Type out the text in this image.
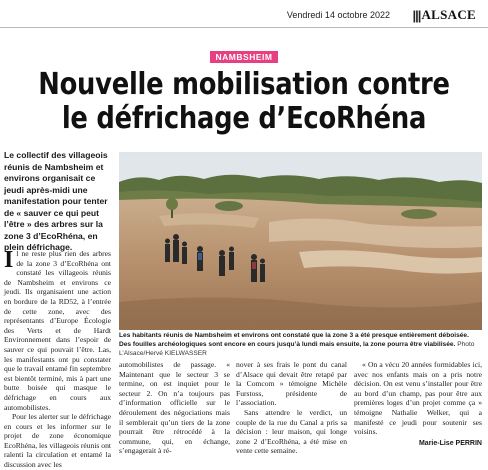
Vendredi 14 octobre 2022 ||| ALSACE
NAMBSHEIM
Nouvelle mobilisation contre
le défrichage d’EcoRhéna
Le collectif des villageois réunis de Nambsheim et environs organisait ce jeudi après-midi une manifestation pour tenter de « sauver ce qui peut l’être » des arbres sur la zone 3 d’EcoRhéna, en plein défrichage.
Les habitants réunis de Nambsheim et environs ont constaté que la zone 3 a été presque entièrement déboisée. Des fouilles archéologiques sont encore en cours jusqu’à lundi mais ensuite, la zone pourra être viabilisée. Photo L’Alsace/Hervé KIELWASSER

Il ne reste plus rien des arbres de la zone 3 d’EcoRhéna ont constaté les villageois réunis de Nambsheim et environs ce jeudi. Ils organisaient une action en bordure de la RD52, à l’entrée de cette zone, avec des représentants d’Europe Écologie des Verts et de Hardt Environnement dans l’espoir de sauver ce qui pouvait l’être. Las, les manifestants ont pu constater que le travail entamé fin septembre est bientôt terminé, mis à part une butte boisée qui masque le défrichage en cours aux automobilistes.

Pour les alerter sur le défrichage en cours et les informer sur le projet de zone économique EcoRhéna, les villageois réunis ont ralenti la circulation et entamé la discussion avec les

automobilistes de passage. « Maintenant que le secteur 3 se termine, on est inquiet pour le secteur 2. On n’a toujours pas d’information officielle sur le déroulement des négociations mais il semblerait qu’un tiers de la zone pourrait être rétrocédé à la commune, qui, en échange, s’engagerait à ré-

nover à ses frais le pont du canal d’Alsace qui devait être retapé par la Comcom » témoigne Michèle Furstoss, présidente de l’association.

Sans attendre le verdict, un couple de la rue du Canal a pris sa décision : leur maison, qui longe zone 2 d’EcoRhéna, a été mise en vente cette semaine.

« On a vécu 20 années formidables ici, avec nos enfants mais on a pris notre décision. On est venu s’installer pour être au bord d’un champ, pas pour être aux premières loges d’un projet comme ça » témoigne Nathalie Welker, qui a manifesté ce jeudi pour soutenir ses voisins.

Marie-Lise PERRIN
